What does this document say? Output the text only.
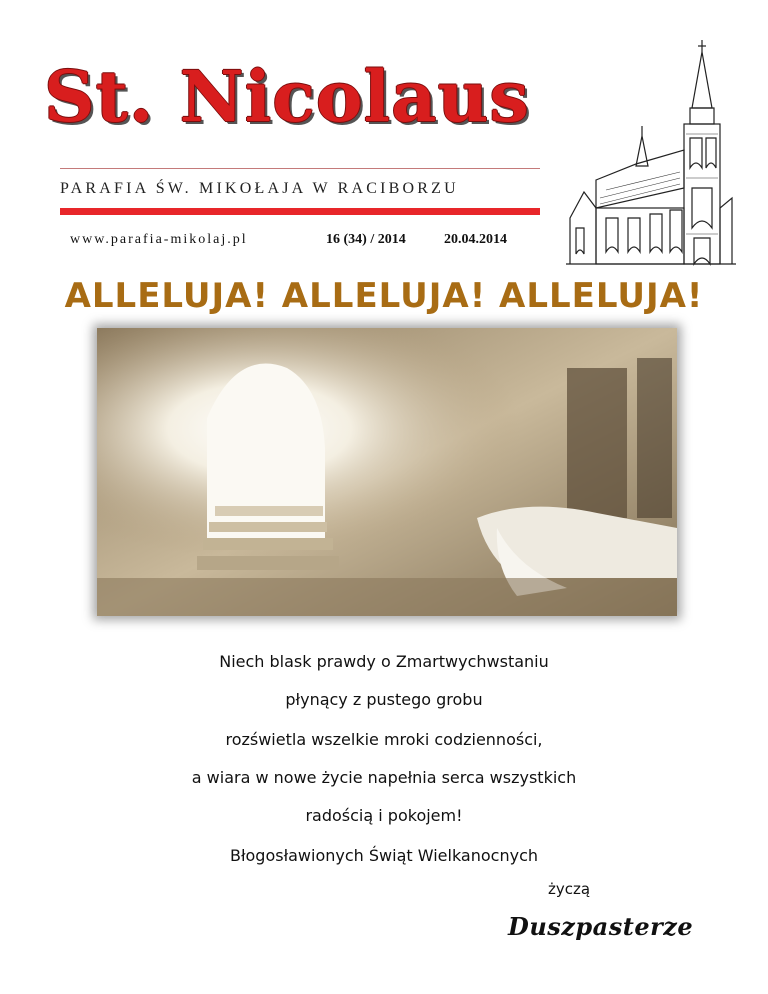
St. Nicolaus
PARAFIA ŚW. MIKOŁAJA W RACIBORZU
www.parafia-mikolaj.pl	16 (34) / 2014	20.04.2014
ALLELUJA! ALLELUJA! ALLELUJA!
Niech blask prawdy o Zmartwychwstaniu
płynący z pustego grobu
rozświetla wszelkie mroki codzienności,
a wiara w nowe życie napełnia serca wszystkich
radością i pokojem!
Błogosławionych Świąt Wielkanocnych
życzą
Duszpasterze
